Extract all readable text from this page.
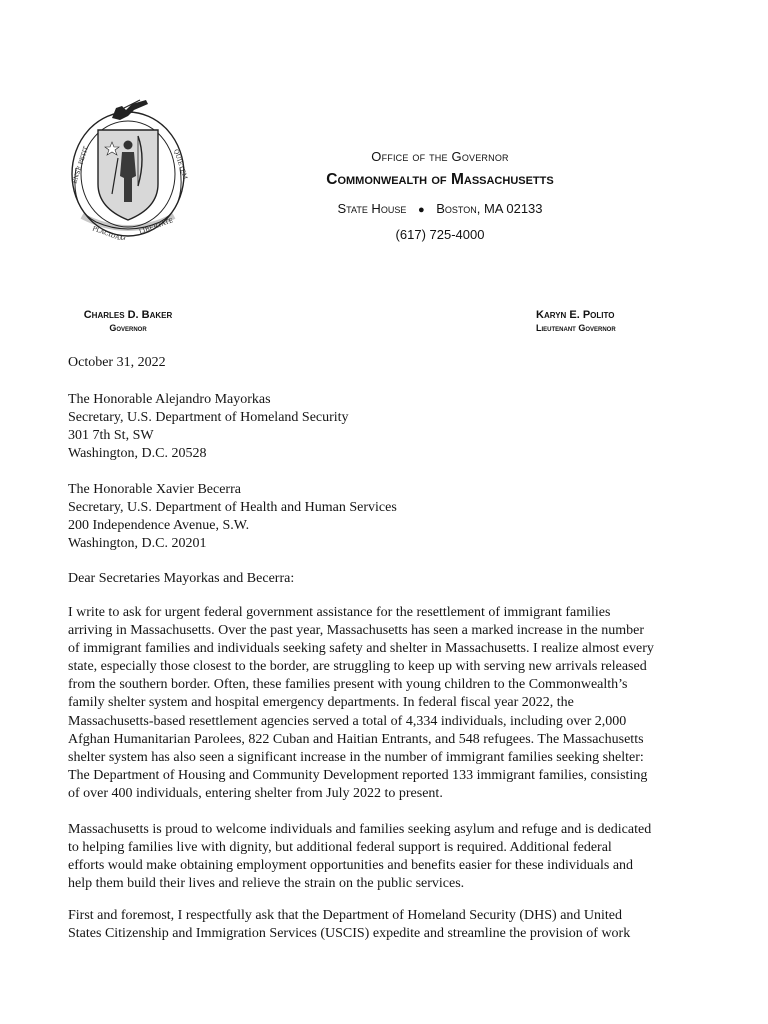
ENSE PETIT	QUIETEM
PLACIDAM LIBERTATE
Office of the Governor
Commonwealth of Massachusetts
State House ● Boston, MA 02133
(617) 725-4000
Charles D. Baker
Governor
Karyn E. Polito
Lieutenant Governor
October 31, 2022
The Honorable Alejandro Mayorkas
Secretary, U.S. Department of Homeland Security
301 7th St, SW
Washington, D.C. 20528
The Honorable Xavier Becerra
Secretary, U.S. Department of Health and Human Services
200 Independence Avenue, S.W.
Washington, D.C. 20201
Dear Secretaries Mayorkas and Becerra:
I write to ask for urgent federal government assistance for the resettlement of immigrant families
arriving in Massachusetts. Over the past year, Massachusetts has seen a marked increase in the number
of immigrant families and individuals seeking safety and shelter in Massachusetts. I realize almost every
state, especially those closest to the border, are struggling to keep up with serving new arrivals released
from the southern border. Often, these families present with young children to the Commonwealth’s
family shelter system and hospital emergency departments. In federal fiscal year 2022, the
Massachusetts-based resettlement agencies served a total of 4,334 individuals, including over 2,000
Afghan Humanitarian Parolees, 822 Cuban and Haitian Entrants, and 548 refugees. The Massachusetts
shelter system has also seen a significant increase in the number of immigrant families seeking shelter:
The Department of Housing and Community Development reported 133 immigrant families, consisting
of over 400 individuals, entering shelter from July 2022 to present.
Massachusetts is proud to welcome individuals and families seeking asylum and refuge and is dedicated
to helping families live with dignity, but additional federal support is required. Additional federal
efforts would make obtaining employment opportunities and benefits easier for these individuals and
help them build their lives and relieve the strain on the public services.
First and foremost, I respectfully ask that the Department of Homeland Security (DHS) and United
States Citizenship and Immigration Services (USCIS) expedite and streamline the provision of work
